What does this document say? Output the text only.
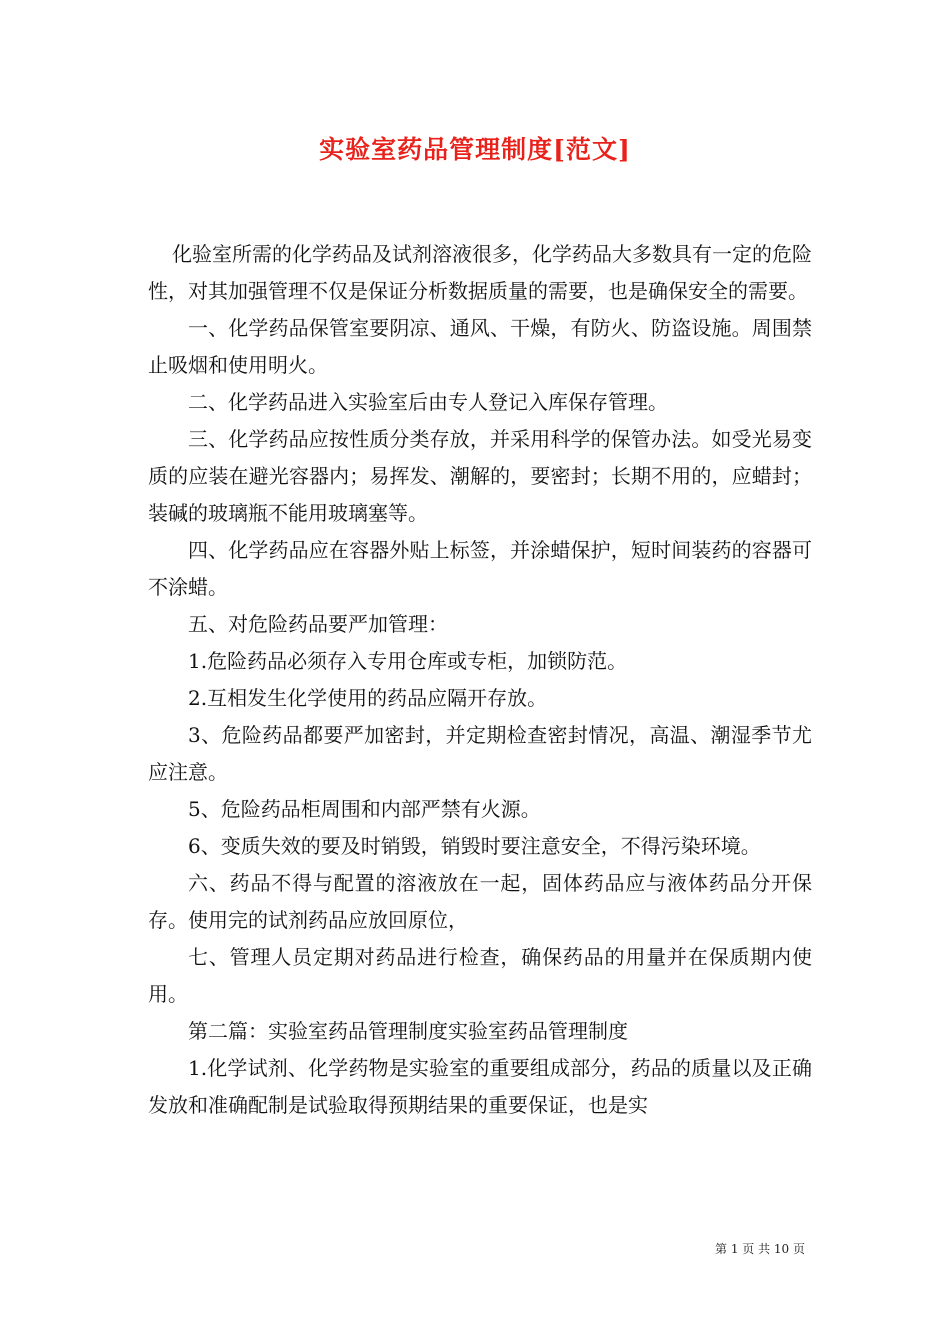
实验室药品管理制度[范文]

化验室所需的化学药品及试剂溶液很多，化学药品大多数具有一定的危险性，对其加强管理不仅是保证分析数据质量的需要，也是确保安全的需要。

一、化学药品保管室要阴凉、通风、干燥，有防火、防盗设施。周围禁止吸烟和使用明火。

二、化学药品进入实验室后由专人登记入库保存管理。

三、化学药品应按性质分类存放，并采用科学的保管办法。如受光易变质的应装在避光容器内；易挥发、潮解的，要密封；长期不用的，应蜡封；装碱的玻璃瓶不能用玻璃塞等。

四、化学药品应在容器外贴上标签，并涂蜡保护，短时间装药的容器可不涂蜡。

五、对危险药品要严加管理：

1.危险药品必须存入专用仓库或专柜，加锁防范。

2.互相发生化学使用的药品应隔开存放。

3、危险药品都要严加密封，并定期检查密封情况，高温、潮湿季节尤应注意。

5、危险药品柜周围和内部严禁有火源。

6、变质失效的要及时销毁，销毁时要注意安全，不得污染环境。

六、药品不得与配置的溶液放在一起，固体药品应与液体药品分开保存。使用完的试剂药品应放回原位，

七、管理人员定期对药品进行检查，确保药品的用量并在保质期内使用。

第二篇：实验室药品管理制度实验室药品管理制度

1.化学试剂、化学药物是实验室的重要组成部分，药品的质量以及正确发放和准确配制是试验取得预期结果的重要保证，也是实

第 1 页 共 10 页
